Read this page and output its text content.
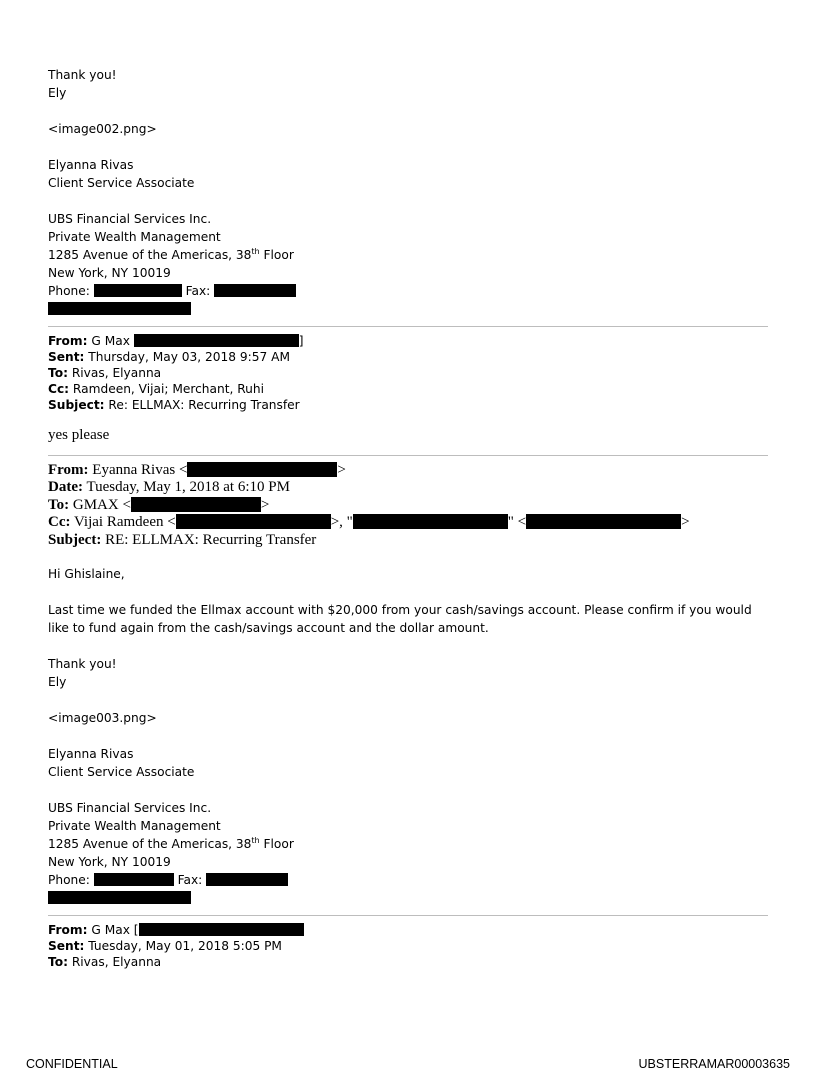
Thank you!
Ely
<image002.png>
Elyanna Rivas
Client Service Associate
UBS Financial Services Inc.
Private Wealth Management
1285 Avenue of the Americas, 38th Floor
New York, NY 10019
Phone:	Fax:
From: G Max	]
Sent: Thursday, May 03, 2018 9:57 AM
To: Rivas, Elyanna
Cc: Ramdeen, Vijai; Merchant, Ruhi
Subject: Re: ELLMAX: Recurring Transfer
yes please
From: Eyanna Rivas <	>
Date: Tuesday, May 1, 2018 at 6:10 PM
To: GMAX <	>
Cc: Vijai Ramdeen <	>, "	" <	>
Subject: RE: ELLMAX: Recurring Transfer
Hi Ghislaine,
Last time we funded the Ellmax account with $20,000 from your cash/savings account. Please confirm if you would like to fund again from the cash/savings account and the dollar amount.
Thank you!
Ely
<image003.png>
Elyanna Rivas
Client Service Associate
UBS Financial Services Inc.
Private Wealth Management
1285 Avenue of the Americas, 38th Floor
New York, NY 10019
Phone:	Fax:
From: G Max [
Sent: Tuesday, May 01, 2018 5:05 PM
To: Rivas, Elyanna
CONFIDENTIAL	UBSTERRAMAR00003635
